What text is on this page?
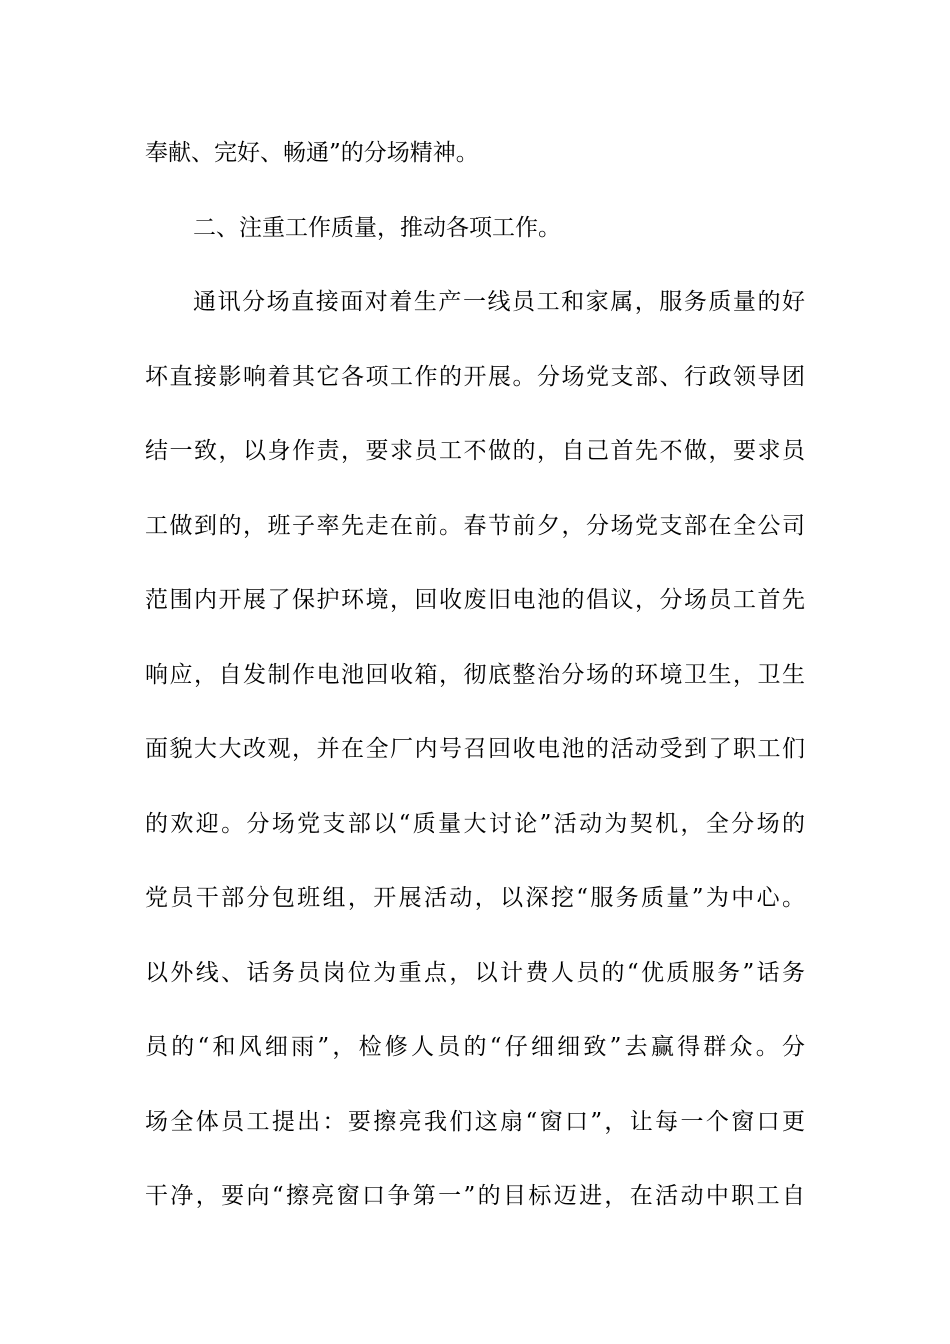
奉献、完好、畅通”的分场精神。
二、注重工作质量，推动各项工作。
通讯分场直接面对着生产一线员工和家属，服务质量的好
坏直接影响着其它各项工作的开展。分场党支部、行政领导团
结一致，以身作责，要求员工不做的，自己首先不做，要求员
工做到的，班子率先走在前。春节前夕，分场党支部在全公司
范围内开展了保护环境，回收废旧电池的倡议，分场员工首先
响应，自发制作电池回收箱，彻底整治分场的环境卫生，卫生
面貌大大改观，并在全厂内号召回收电池的活动受到了职工们
的欢迎。分场党支部以“质量大讨论”活动为契机，全分场的
党员干部分包班组，开展活动，以深挖“服务质量”为中心。
以外线、话务员岗位为重点，以计费人员的“优质服务”话务
员的“和风细雨”，检修人员的“仔细细致”去赢得群众。分
场全体员工提出：要擦亮我们这扇“窗口”，让每一个窗口更
干净，要向“擦亮窗口争第一”的目标迈进，在活动中职工自
